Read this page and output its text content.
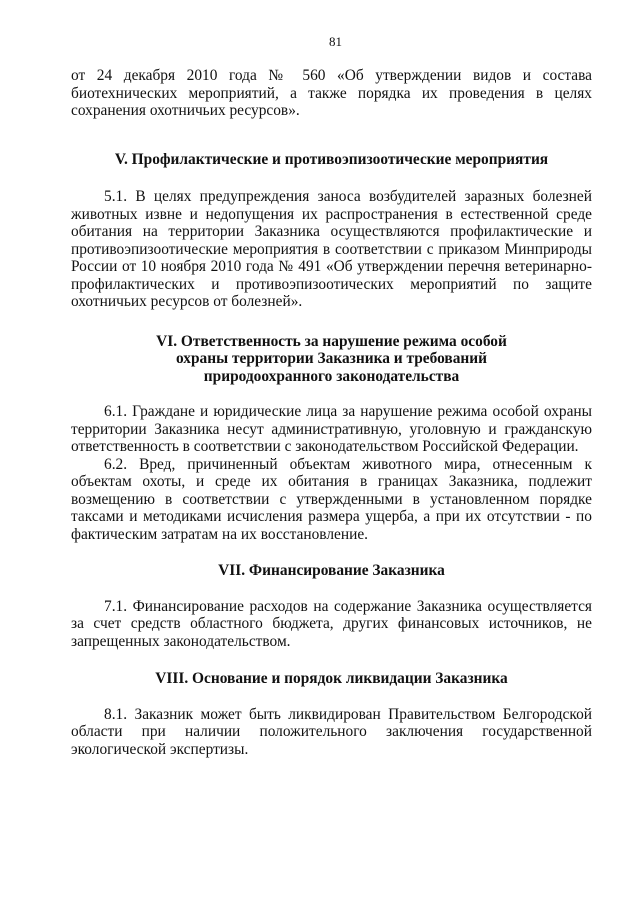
81

от 24 декабря 2010 года № 560 «Об утверждении видов и состава биотехнических мероприятий, а также порядка их проведения в целях сохранения охотничьих ресурсов».

V. Профилактические и противоэпизоотические мероприятия

5.1. В целях предупреждения заноса возбудителей заразных болезней животных извне и недопущения их распространения в естественной среде обитания на территории Заказника осуществляются профилактические и противоэпизоотические мероприятия в соответствии с приказом Минприроды России от 10 ноября 2010 года № 491 «Об утверждении перечня ветеринарно-профилактических и противоэпизоотических мероприятий по защите охотничьих ресурсов от болезней».

VI. Ответственность за нарушение режима особой
охраны территории Заказника и требований
природоохранного законодательства

6.1. Граждане и юридические лица за нарушение режима особой охраны территории Заказника несут административную, уголовную и гражданскую ответственность в соответствии с законодательством Российской Федерации.

6.2. Вред, причиненный объектам животного мира, отнесенным к объектам охоты, и среде их обитания в границах Заказника, подлежит возмещению в соответствии с утвержденными в установленном порядке таксами и методиками исчисления размера ущерба, а при их отсутствии - по фактическим затратам на их восстановление.

VII. Финансирование Заказника

7.1. Финансирование расходов на содержание Заказника осуществляется за счет средств областного бюджета, других финансовых источников, не запрещенных законодательством.

VIII. Основание и порядок ликвидации Заказника

8.1. Заказник может быть ликвидирован Правительством Белгородской области при наличии положительного заключения государственной экологической экспертизы.
